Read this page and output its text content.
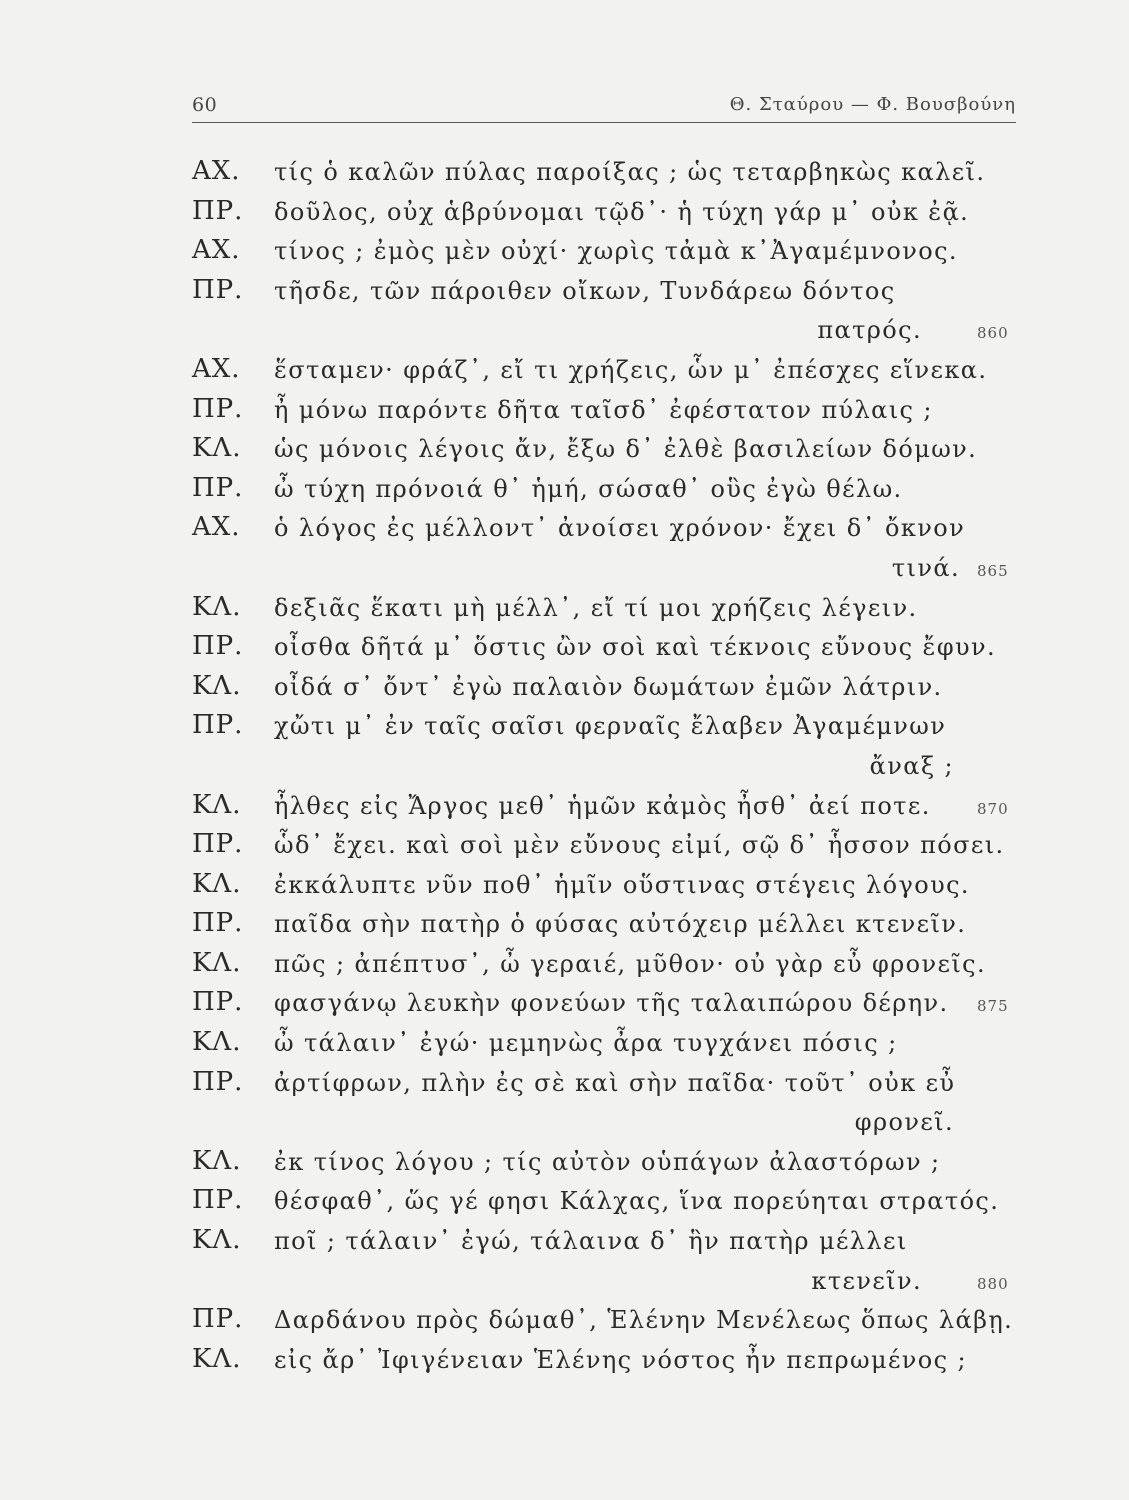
60	Θ. Σταύρου — Φ. Βουσβούνη
ΑΧ. τίς ὁ καλῶν πύλας παροίξας ; ὡς τεταρβηκὼς καλεῖ.
ΠΡ. δοῦλος, οὐχ ἁβρύνομαι τῷδ᾽· ἡ τύχη γάρ μ᾽ οὐκ ἐᾷ.
ΑΧ. τίνος ; ἐμὸς μὲν οὐχί· χωρὶς τἀμὰ κ᾽Ἀγαμέμνονος.
ΠΡ. τῆσδε, τῶν πάροιθεν οἴκων, Τυνδάρεω δόντος
πατρός.	860
ΑΧ. ἕσταμεν· φράζ᾽, εἴ τι χρήζεις, ὧν μ᾽ ἐπέσχες εἵνεκα.
ΠΡ. ἦ μόνω παρόντε δῆτα ταῖσδ᾽ ἐφέστατον πύλαις ;
ΚΛ. ὡς μόνοις λέγοις ἄν, ἔξω δ᾽ ἐλθὲ βασιλείων δόμων.
ΠΡ. ὦ τύχη πρόνοιά θ᾽ ἡμή, σώσαθ᾽ οὓς ἐγὼ θέλω.
ΑΧ. ὁ λόγος ἐς μέλλοντ᾽ ἀνοίσει χρόνον· ἔχει δ᾽ ὄκνον
τινά. 865
ΚΛ. δεξιᾶς ἕκατι μὴ μέλλ᾽, εἴ τί μοι χρήζεις λέγειν.
ΠΡ. οἶσθα δῆτά μ᾽ ὅστις ὢν σοὶ καὶ τέκνοις εὔνους ἔφυν.
ΚΛ. οἶδά σ᾽ ὄντ᾽ ἐγὼ παλαιὸν δωμάτων ἐμῶν λάτριν.
ΠΡ. χὤτι μ᾽ ἐν ταῖς σαῖσι φερναῖς ἔλαβεν Ἀγαμέμνων
ἄναξ ;
ΚΛ. ἦλθες εἰς Ἄργος μεθ᾽ ἡμῶν κἀμὸς ἦσθ᾽ ἀεί ποτε.	870
ΠΡ. ὧδ᾽ ἔχει. καὶ σοὶ μὲν εὔνους εἰμί, σῷ δ᾽ ἧσσον πόσει.
ΚΛ. ἐκκάλυπτε νῦν ποθ᾽ ἡμῖν οὕστινας στέγεις λόγους.
ΠΡ. παῖδα σὴν πατὴρ ὁ φύσας αὐτόχειρ μέλλει κτενεῖν.
ΚΛ. πῶς ; ἀπέπτυσ᾽, ὦ γεραιέ, μῦθον· οὐ γὰρ εὖ φρονεῖς.
ΠΡ. φασγάνῳ λευκὴν φονεύων τῆς ταλαιπώρου δέρην. 875
ΚΛ. ὦ τάλαιν᾽ ἐγώ· μεμηνὼς ἆρα τυγχάνει πόσις ;
ΠΡ. ἀρτίφρων, πλὴν ἐς σὲ καὶ σὴν παῖδα· τοῦτ᾽ οὐκ εὖ
φρονεῖ.
ΚΛ. ἐκ τίνος λόγου ; τίς αὐτὸν οὑπάγων ἀλαστόρων ;
ΠΡ. θέσφαθ᾽, ὥς γέ φησι Κάλχας, ἵνα πορεύηται στρατός.
ΚΛ. ποῖ ; τάλαιν᾽ ἐγώ, τάλαινα δ᾽ ἣν πατὴρ μέλλει
κτενεῖν.	880
ΠΡ. Δαρδάνου πρὸς δώμαθ᾽, Ἑλένην Μενέλεως ὅπως λάβῃ.
ΚΛ. εἰς ἄρ᾽ Ἰφιγένειαν Ἑλένης νόστος ἦν πεπρωμένος ;
